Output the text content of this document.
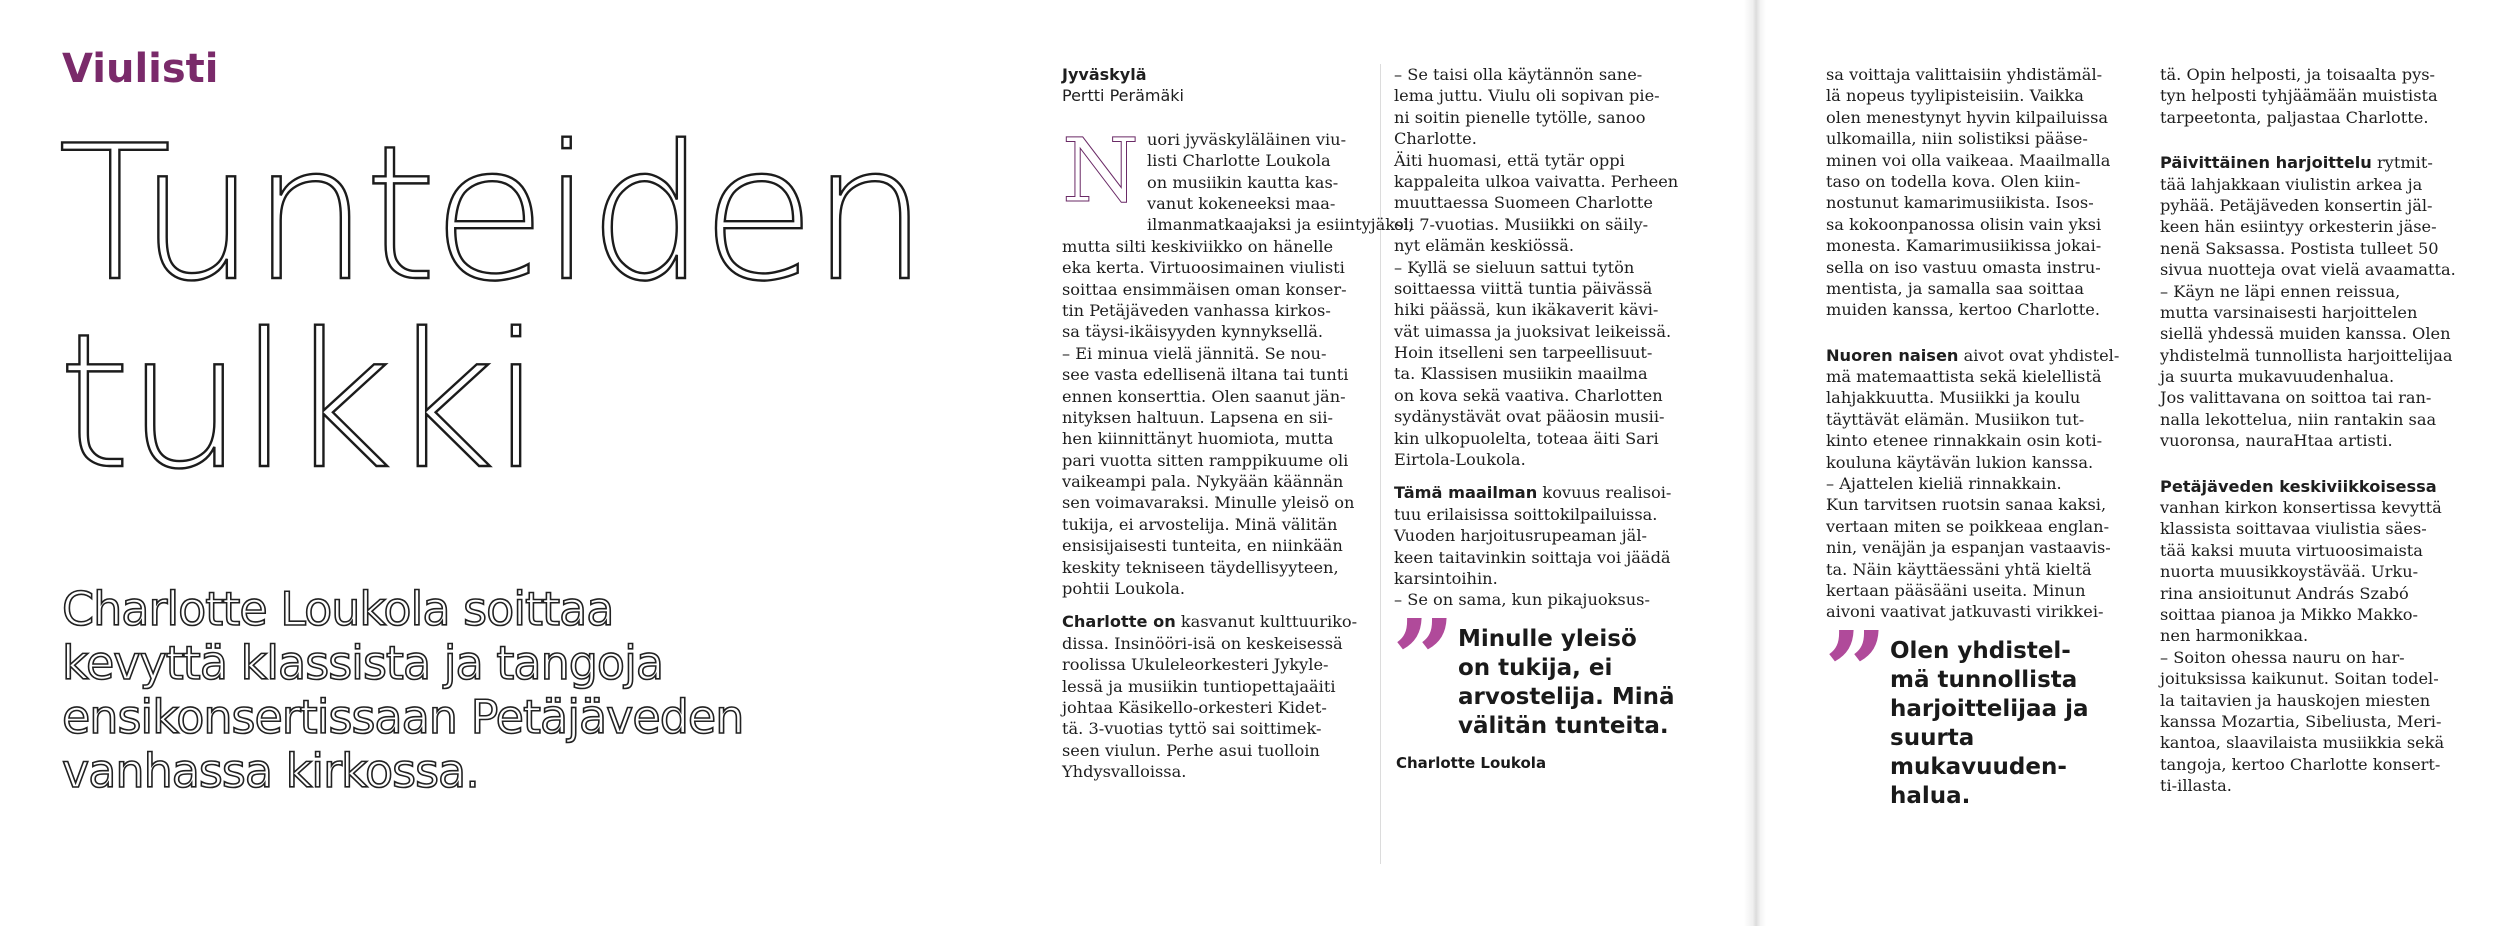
Viulisti
Tunteiden
tulkki
Charlotte Loukola soittaa
kevyttä klassista ja tangoja
ensikonsertissaan Petäjäveden
vanhassa kirkossa.
Jyväskylä
Pertti Perämäki
N uori jyväskyläläinen viu-
listi Charlotte Loukola
on musiikin kautta kas-
vanut kokeneeksi maa-
ilmanmatkaajaksi ja esiintyjäksi,
mutta silti keskiviikko on hänelle
eka kerta. Virtuoosimainen viulisti
soittaa ensimmäisen oman konser-
tin Petäjäveden vanhassa kirkos-
sa täysi-ikäisyyden kynnyksellä.
– Ei minua vielä jännitä. Se nou-
see vasta edellisenä iltana tai tunti
ennen konserttia. Olen saanut jän-
nityksen haltuun. Lapsena en sii-
hen kiinnittänyt huomiota, mutta
pari vuotta sitten ramppikuume oli
vaikeampi pala. Nykyään käännän
sen voimavaraksi. Minulle yleisö on
tukija, ei arvostelija. Minä välitän
ensisijaisesti tunteita, en niinkään
keskity tekniseen täydellisyyteen,
pohtii Loukola.
Charlotte on kasvanut kulttuuriko-
dissa. Insinööri-isä on keskeisessä
roolissa Ukuleleorkesteri Jykyle-
lessä ja musiikin tuntiopettajaäiti
johtaa Käsikello-orkesteri Kidet-
tä. 3-vuotias tyttö sai soittimek-
seen viulun. Perhe asui tuolloin
Yhdysvalloissa.
– Se taisi olla käytännön sane-
lema juttu. Viulu oli sopivan pie-
ni soitin pienelle tytölle, sanoo
Charlotte.
Äiti huomasi, että tytär oppi
kappaleita ulkoa vaivatta. Perheen
muuttaessa Suomeen Charlotte
oli 7-vuotias. Musiikki on säily-
nyt elämän keskiössä.
– Kyllä se sieluun sattui tytön
soittaessa viittä tuntia päivässä
hiki päässä, kun ikäkaverit kävi-
vät uimassa ja juoksivat leikeissä.
Hoin itselleni sen tarpeellisuut-
ta. Klassisen musiikin maailma
on kova sekä vaativa. Charlotten
sydänystävät ovat pääosin musii-
kin ulkopuolelta, toteaa äiti Sari
Eirtola-Loukola.
Tämä maailman kovuus realisoi-
tuu erilaisissa soittokilpailuissa.
Vuoden harjoitusrupeaman jäl-
keen taitavinkin soittaja voi jäädä
karsintoihin.
– Se on sama, kun pikajuoksus-
” Minulle yleisö
on tukija, ei
arvostelija. Minä
välitän tunteita.
Charlotte Loukola
sa voittaja valittaisiin yhdistämäl-
lä nopeus tyylipisteisiin. Vaikka
olen menestynyt hyvin kilpailuissa
ulkomailla, niin solistiksi pääse-
minen voi olla vaikeaa. Maailmalla
taso on todella kova. Olen kiin-
nostunut kamarimusiikista. Isos-
sa kokoonpanossa olisin vain yksi
monesta. Kamarimusiikissa jokai-
sella on iso vastuu omasta instru-
mentista, ja samalla saa soittaa
muiden kanssa, kertoo Charlotte.
Nuoren naisen aivot ovat yhdistel-
mä matemaattista sekä kielellistä
lahjakkuutta. Musiikki ja koulu
täyttävät elämän. Musiikon tut-
kinto etenee rinnakkain osin koti-
kouluna käytävän lukion kanssa.
– Ajattelen kieliä rinnakkain.
Kun tarvitsen ruotsin sanaa kaksi,
vertaan miten se poikkeaa englan-
nin, venäjän ja espanjan vastaavis-
ta. Näin käyttäessäni yhtä kieltä
kertaan pääsääni useita. Minun
aivoni vaativat jatkuvasti virikkei-
” Olen yhdistel-
mä tunnollista
harjoittelijaa ja
suurta mukavuuden-
halua.
tä. Opin helposti, ja toisaalta pys-
tyn helposti tyhjäämään muistista
tarpeetonta, paljastaa Charlotte.
Päivittäinen harjoittelu rytmit-
tää lahjakkaan viulistin arkea ja
pyhää. Petäjäveden konsertin jäl-
keen hän esiintyy orkesterin jäse-
nenä Saksassa. Postista tulleet 50
sivua nuotteja ovat vielä avaamatta.
– Käyn ne läpi ennen reissua,
mutta varsinaisesti harjoittelen
siellä yhdessä muiden kanssa. Olen
yhdistelmä tunnollista harjoittelijaa
ja suurta mukavuudenhalua.
Jos valittavana on soittoa tai ran-
nalla lekottelua, niin rantakin saa
vuoronsa, nauraHtaa artisti.
Petäjäveden keskiviikkoisessa
vanhan kirkon konsertissa kevyttä
klassista soittavaa viulistia säes-
tää kaksi muuta virtuoosimaista
nuorta muusikkoystävää. Urku-
rina ansioitunut András Szabó
soittaa pianoa ja Mikko Makko-
nen harmonikkaa.
– Soiton ohessa nauru on har-
joituksissa kaikunut. Soitan todel-
la taitavien ja hauskojen miesten
kanssa Mozartia, Sibeliusta, Meri-
kantoa, slaavilaista musiikkia sekä
tangoja, kertoo Charlotte konsert-
ti-illasta.
